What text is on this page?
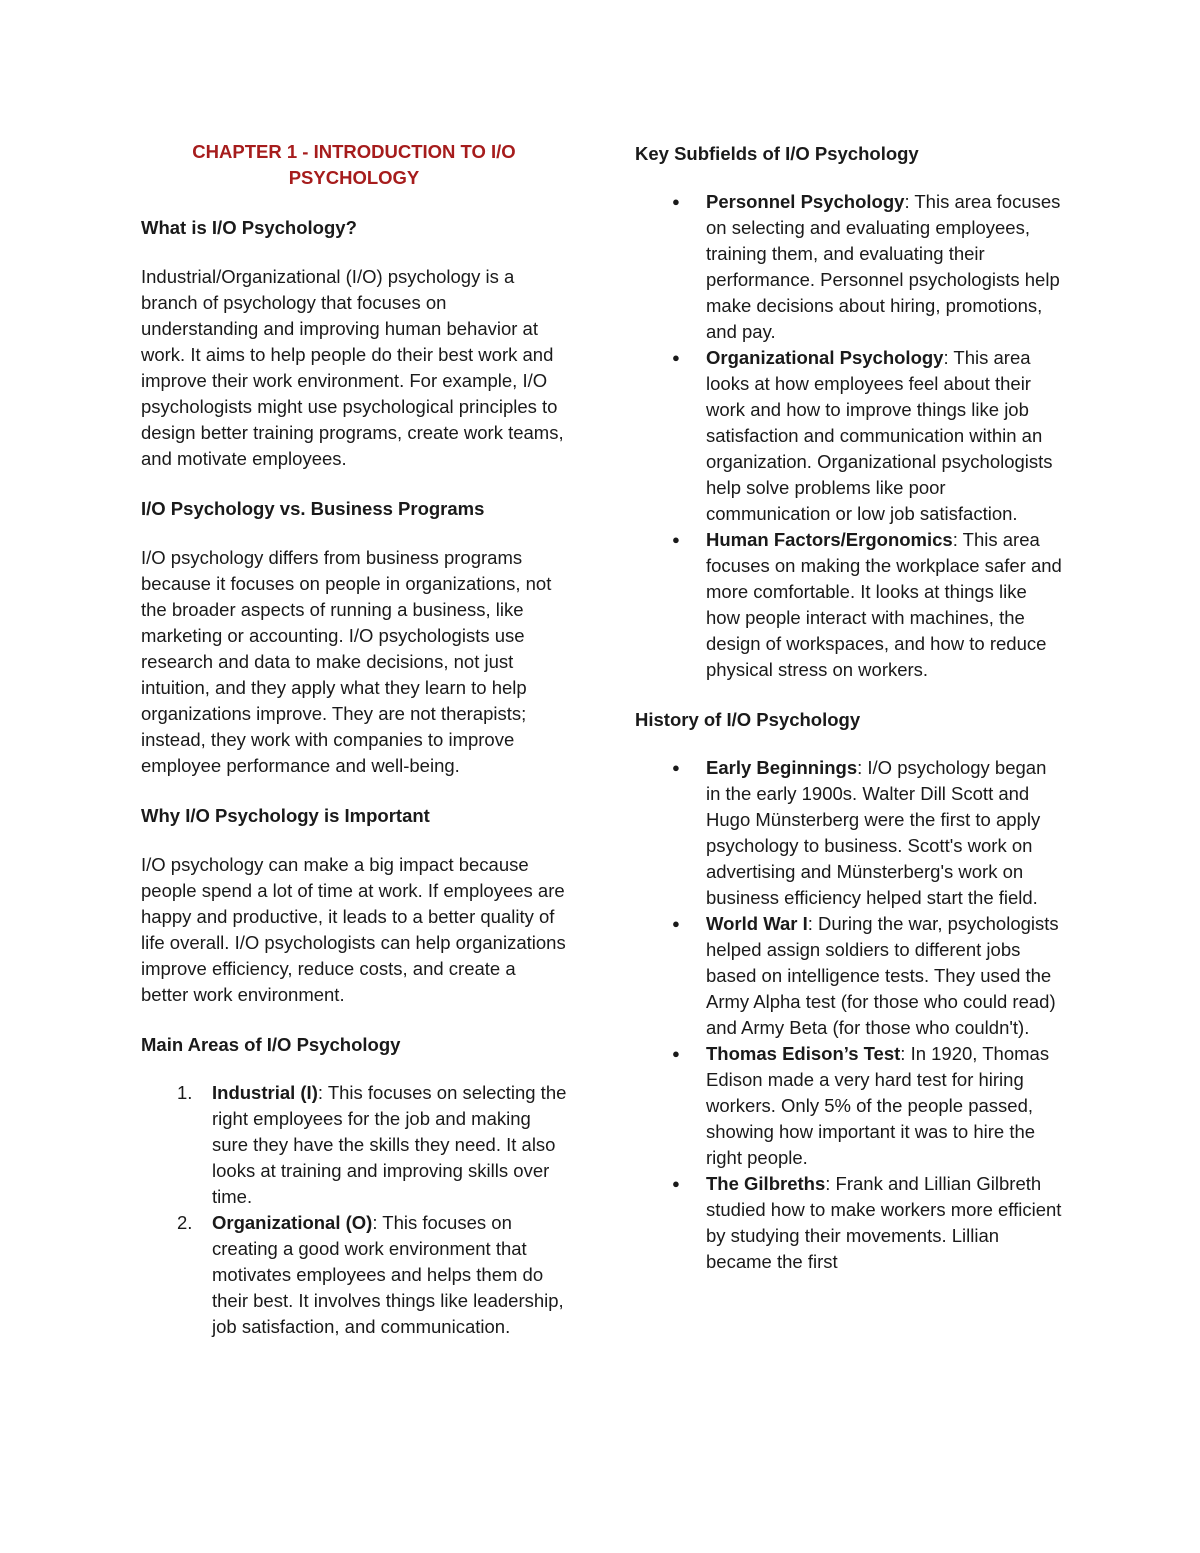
CHAPTER 1 - INTRODUCTION TO I/O PSYCHOLOGY
What is I/O Psychology?

Industrial/Organizational (I/O) psychology is a branch of psychology that focuses on understanding and improving human behavior at work. It aims to help people do their best work and improve their work environment. For example, I/O psychologists might use psychological principles to design better training programs, create work teams, and motivate employees.

I/O Psychology vs. Business Programs

I/O psychology differs from business programs because it focuses on people in organizations, not the broader aspects of running a business, like marketing or accounting. I/O psychologists use research and data to make decisions, not just intuition, and they apply what they learn to help organizations improve. They are not therapists; instead, they work with companies to improve employee performance and well-being.

Why I/O Psychology is Important

I/O psychology can make a big impact because people spend a lot of time at work. If employees are happy and productive, it leads to a better quality of life overall. I/O psychologists can help organizations improve efficiency, reduce costs, and create a better work environment.

Main Areas of I/O Psychology
1.	Industrial (I): This focuses on selecting the right employees for the job and making sure they have the skills they need. It also looks at training and improving skills over time.
2.	Organizational (O): This focuses on creating a good work environment that motivates employees and helps them do their best. It involves things like leadership, job satisfaction, and communication.
Key Subfields of I/O Psychology
● Personnel Psychology: This area focuses on selecting and evaluating employees, training them, and evaluating their performance. Personnel psychologists help make decisions about hiring, promotions, and pay.
● Organizational Psychology: This area looks at how employees feel about their work and how to improve things like job satisfaction and communication within an organization. Organizational psychologists help solve problems like poor communication or low job satisfaction.
● Human Factors/Ergonomics: This area focuses on making the workplace safer and more comfortable. It looks at things like how people interact with machines, the design of workspaces, and how to reduce physical stress on workers.
History of I/O Psychology
● Early Beginnings: I/O psychology began in the early 1900s. Walter Dill Scott and Hugo Münsterberg were the first to apply psychology to business. Scott's work on advertising and Münsterberg's work on business efficiency helped start the field.
● World War I: During the war, psychologists helped assign soldiers to different jobs based on intelligence tests. They used the Army Alpha test (for those who could read) and Army Beta (for those who couldn't).
● Thomas Edison’s Test: In 1920, Thomas Edison made a very hard test for hiring workers. Only 5% of the people passed, showing how important it was to hire the right people.
● The Gilbreths: Frank and Lillian Gilbreth studied how to make workers more efficient by studying their movements. Lillian became the first
